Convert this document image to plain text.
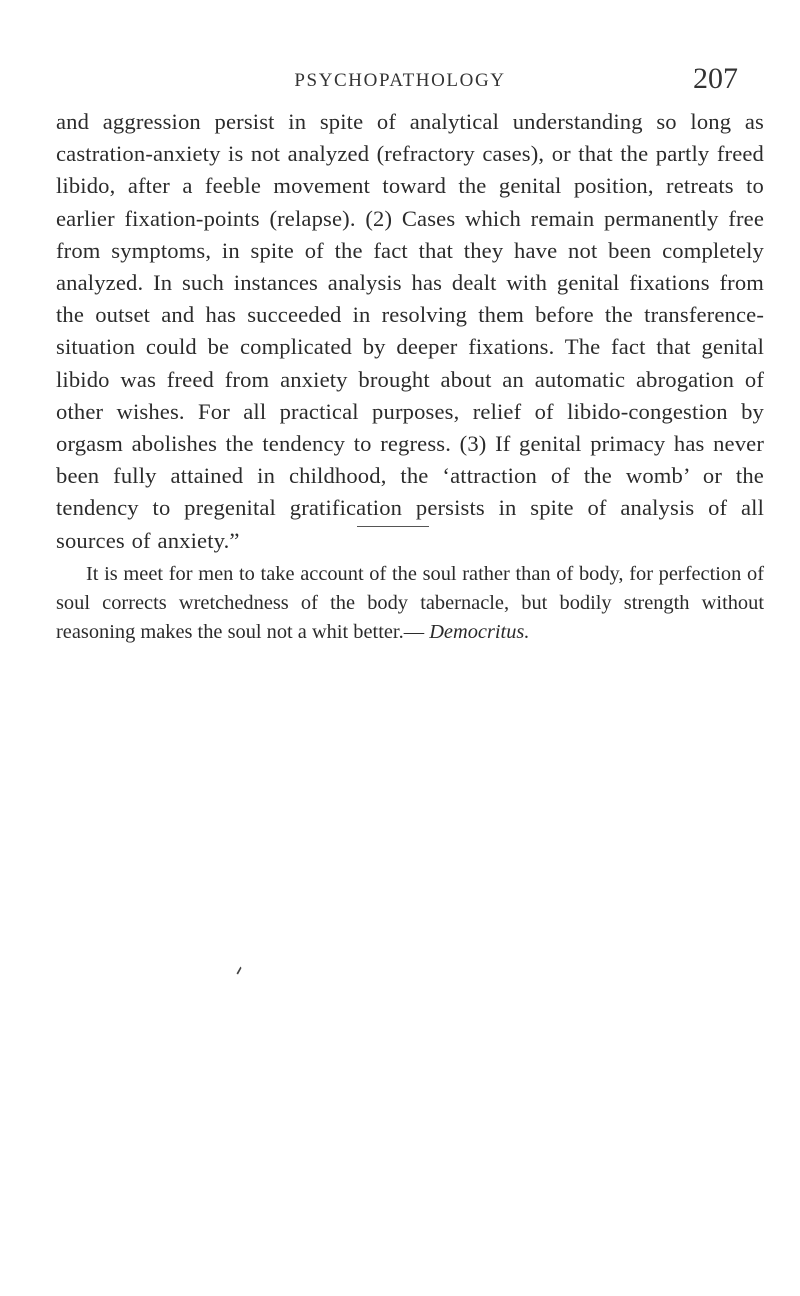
PSYCHOPATHOLOGY	207

and aggression persist in spite of analytical understanding so long as castration-anxiety is not analyzed (refractory cases), or that the partly freed libido, after a feeble movement toward the genital position, retreats to earlier fixation-points (relapse). (2) Cases which remain permanently free from symptoms, in spite of the fact that they have not been completely analyzed. In such instances analysis has dealt with genital fixations from the outset and has succeeded in resolving them before the transference-situation could be complicated by deeper fixations. The fact that genital libido was freed from anxiety brought about an automatic abrogation of other wishes. For all practical purposes, relief of libido-congestion by orgasm abolishes the tendency to regress. (3) If genital primacy has never been fully attained in childhood, the ‘attraction of the womb’ or the tendency to pregenital gratification persists in spite of analysis of all sources of anxiety.”

It is meet for men to take account of the soul rather than of body, for perfection of soul corrects wretchedness of the body tabernacle, but bodily strength without reasoning makes the soul not a whit better.— Democritus.
